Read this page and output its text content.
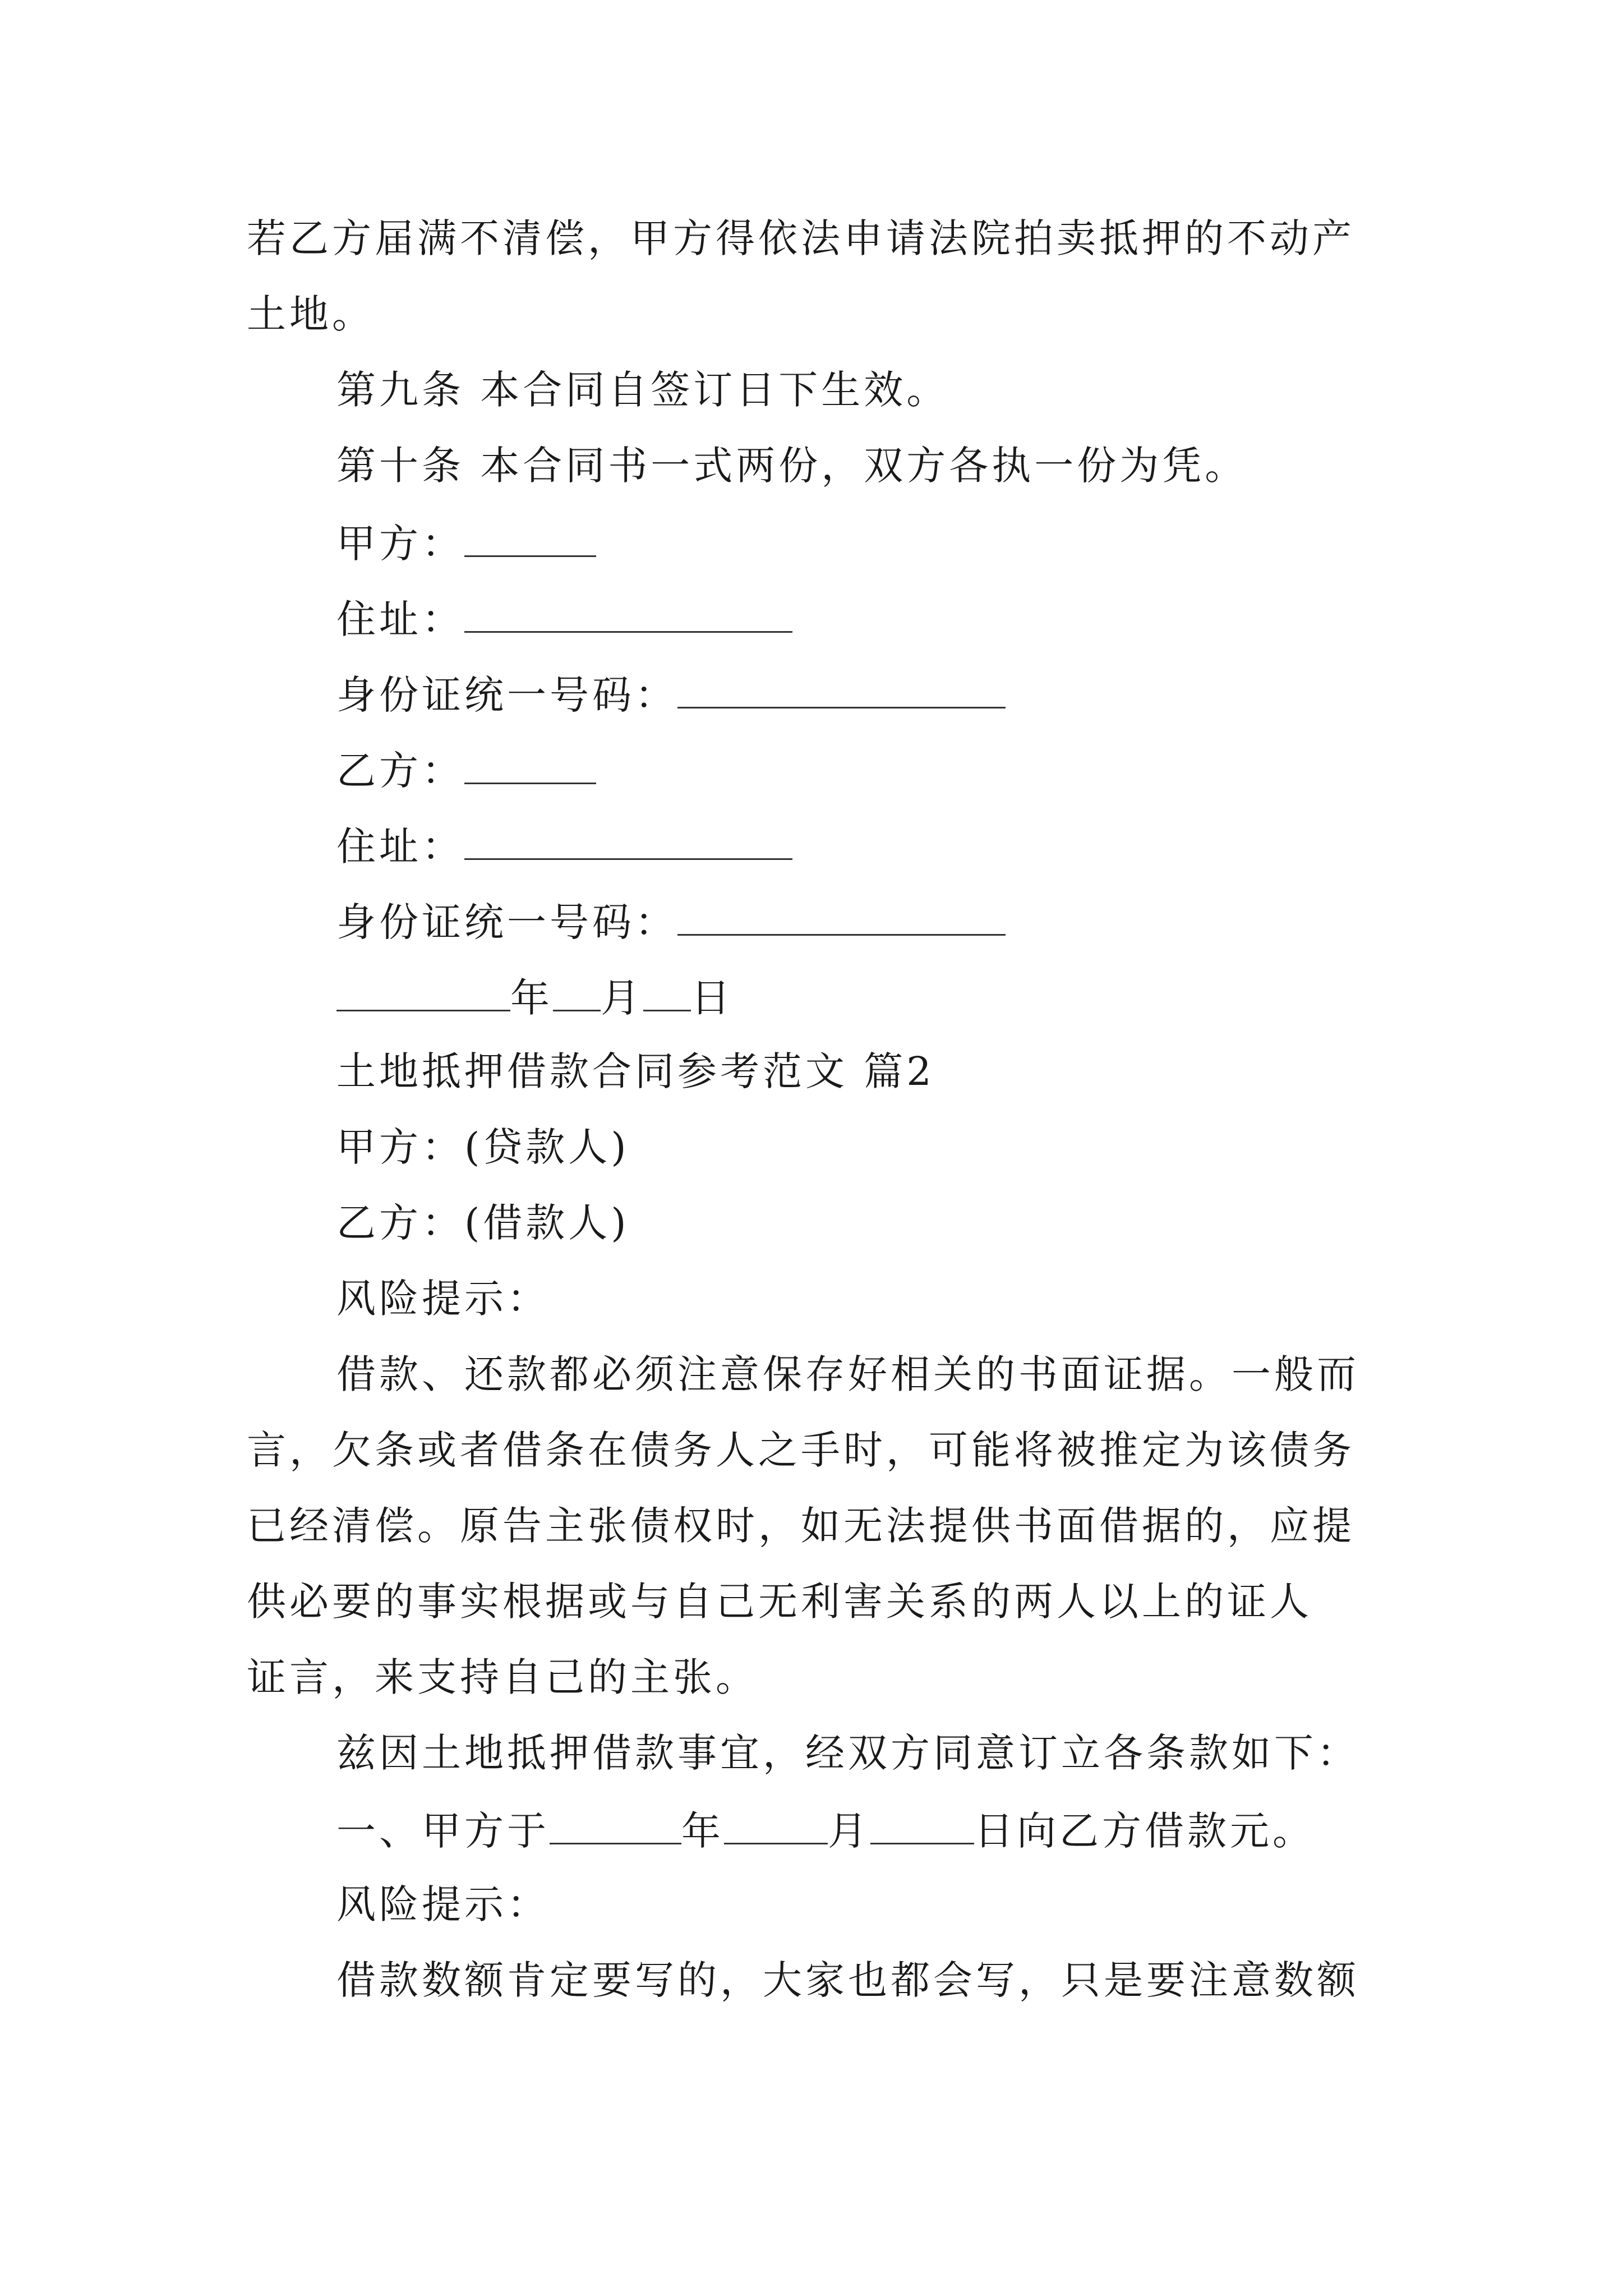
若乙方届满不清偿，甲方得依法申请法院拍卖抵押的不动产
土地。
第九条 本合同自签订日下生效。
第十条 本合同书一式两份，双方各执一份为凭。
甲方：
住址：
身份证统一号码：
乙方：
住址：
身份证统一号码：
年 月 日
土地抵押借款合同参考范文 篇2
甲方：(贷款人)
乙方：(借款人)
风险提示：
借款、还款都必须注意保存好相关的书面证据。一般而
言，欠条或者借条在债务人之手时，可能将被推定为该债务
已经清偿。原告主张债权时，如无法提供书面借据的，应提
供必要的事实根据或与自己无利害关系的两人以上的证人
证言，来支持自己的主张。
兹因土地抵押借款事宜，经双方同意订立各条款如下：
一、甲方于	年	月	日向乙方借款元。
风险提示：
借款数额肯定要写的，大家也都会写，只是要注意数额
